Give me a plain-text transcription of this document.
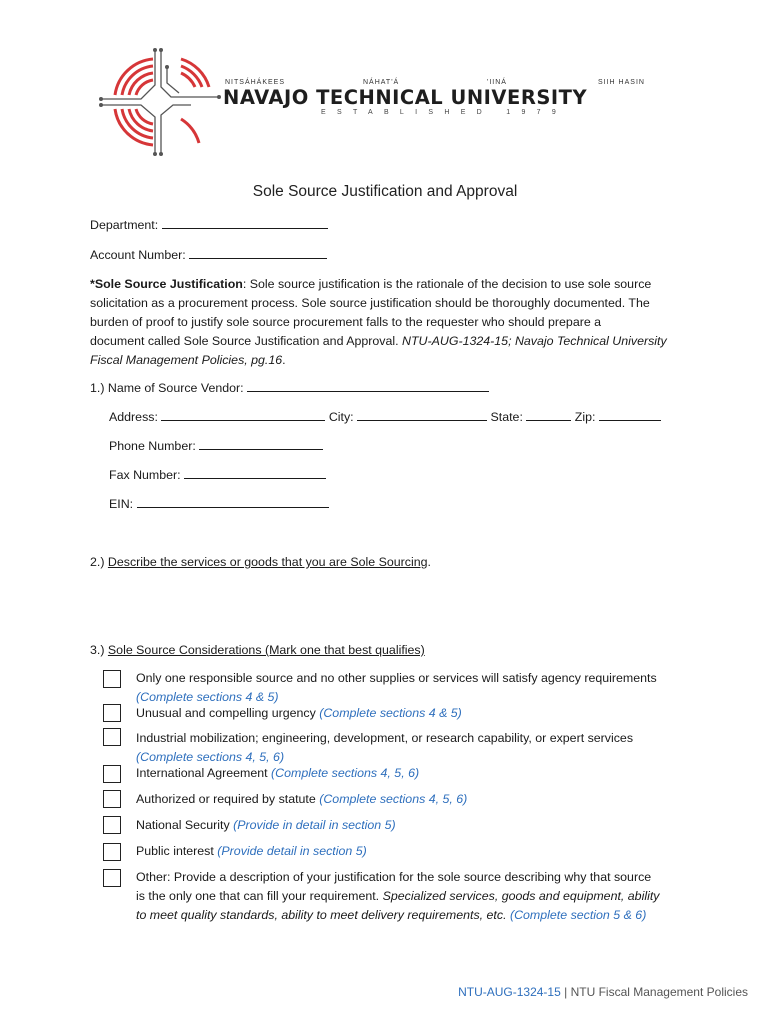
NITSÁHÁKEES	NÁHAT'Á	'IINÁ	SIIH HASIN
NAVAJO TECHNICAL UNIVERSITY
ESTABLISHED 1979
Sole Source Justification and Approval
Department:
Account Number:

*Sole Source Justification: Sole source justification is the rationale of the decision to use sole source

solicitation as a procurement process. Sole source justification should be thoroughly documented. The

burden of proof to justify sole source procurement falls to the requester who should prepare a

document called Sole Source Justification and Approval. NTU-AUG-1324-15; Navajo Technical University

Fiscal Management Policies, pg.16.

1.) Name of Source Vendor:
Address:	City:	State:	Zip:
Phone Number:
Fax Number:
EIN:
2.) Describe the services or goods that you are Sole Sourcing.
3.) Sole Source Considerations (Mark one that best qualifies)

Only one responsible source and no other supplies or services will satisfy agency requirements

(Complete sections 4 & 5)

Unusual and compelling urgency (Complete sections 4 & 5)

Industrial mobilization; engineering, development, or research capability, or expert services

(Complete sections 4, 5, 6)

International Agreement (Complete sections 4, 5, 6)

Authorized or required by statute (Complete sections 4, 5, 6)

National Security (Provide in detail in section 5)

Public interest (Provide detail in section 5)

Other: Provide a description of your justification for the sole source describing why that source

is the only one that can fill your requirement. Specialized services, goods and equipment, ability

to meet quality standards, ability to meet delivery requirements, etc. (Complete section 5 & 6)

NTU-AUG-1324-15 | NTU Fiscal Management Policies
